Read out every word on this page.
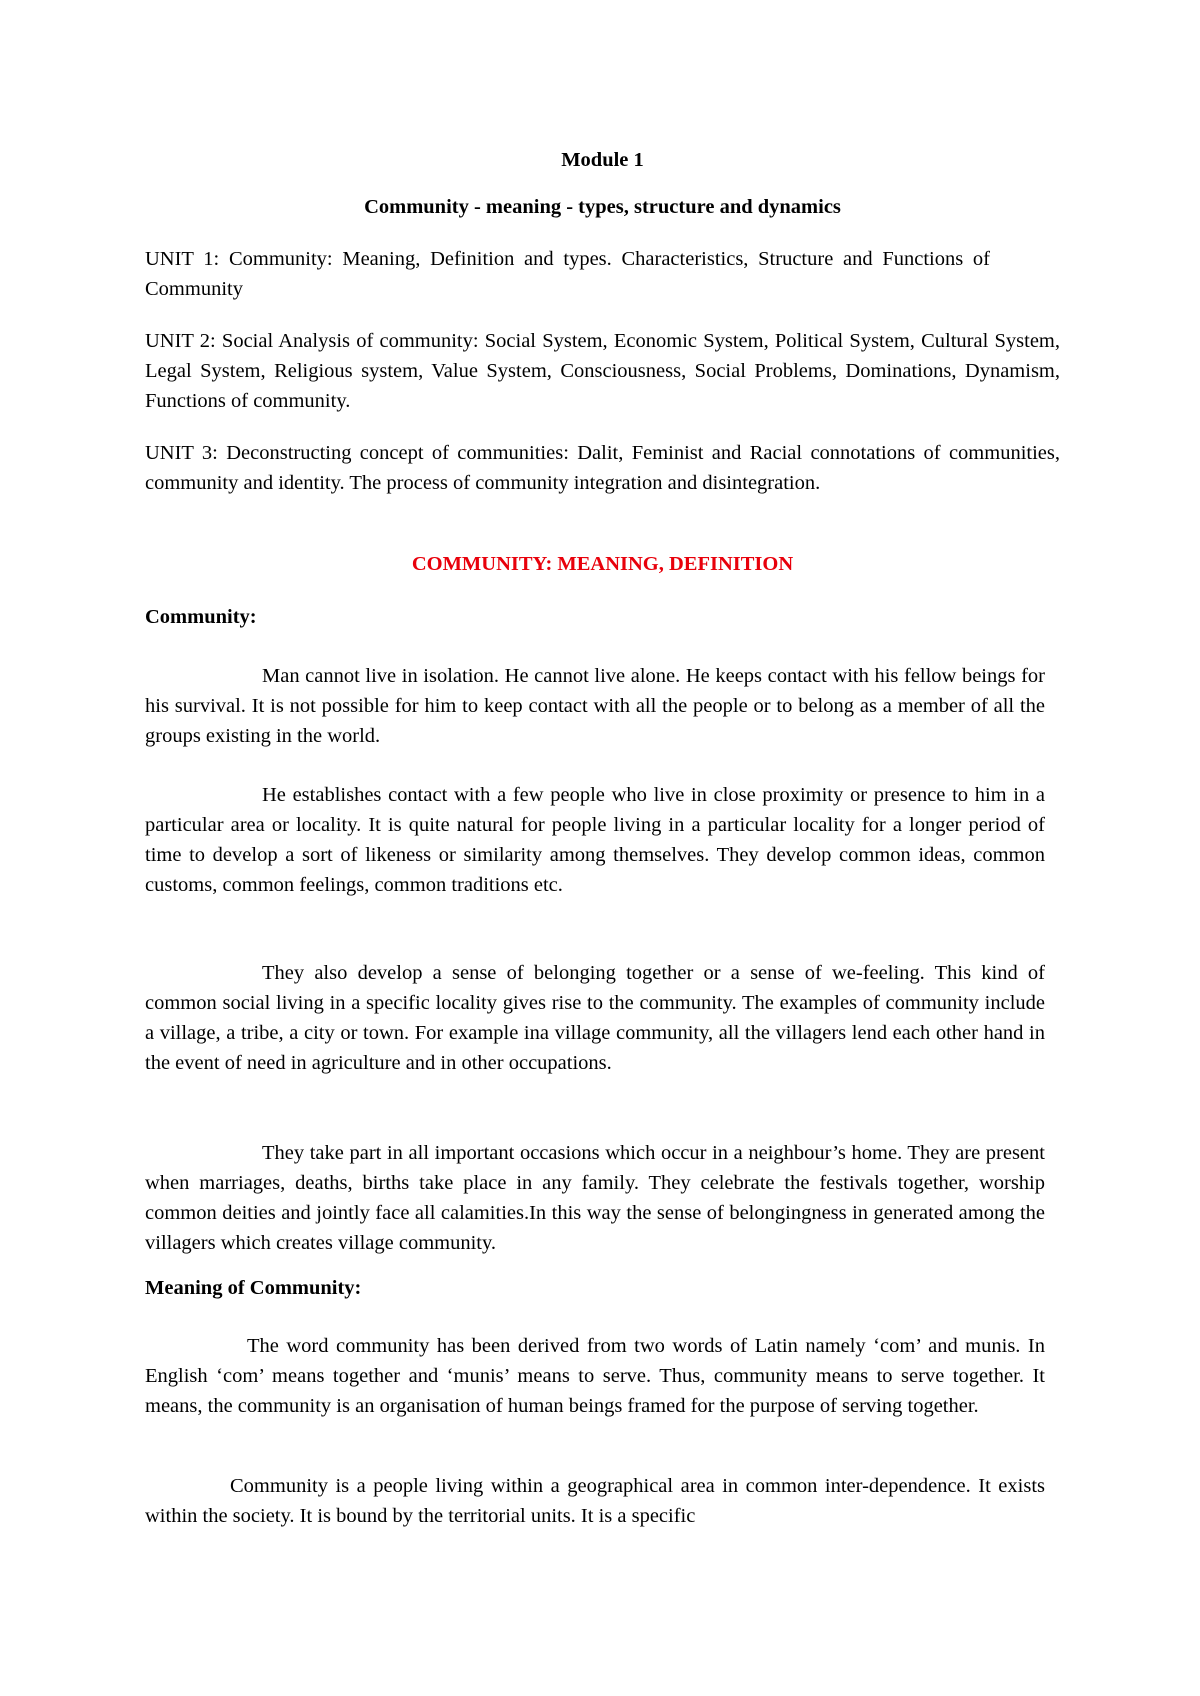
Module 1
Community - meaning - types, structure and dynamics

UNIT 1: Community: Meaning, Definition and types. Characteristics, Structure and Functions of Community

UNIT 2: Social Analysis of community: Social System, Economic System, Political System, Cultural System, Legal System, Religious system, Value System, Consciousness, Social Problems, Dominations, Dynamism, Functions of community.

UNIT 3: Deconstructing concept of communities: Dalit, Feminist and Racial connotations of communities, community and identity. The process of community integration and disintegration.

COMMUNITY: MEANING, DEFINITION
Community:

Man cannot live in isolation. He cannot live alone. He keeps contact with his fellow beings for his survival. It is not possible for him to keep contact with all the people or to belong as a member of all the groups existing in the world.

He establishes contact with a few people who live in close proximity or presence to him in a particular area or locality. It is quite natural for people living in a particular locality for a longer period of time to develop a sort of likeness or similarity among themselves. They develop common ideas, common customs, common feelings, common traditions etc.

They also develop a sense of belonging together or a sense of we-feeling. This kind of common social living in a specific locality gives rise to the community. The examples of community include a village, a tribe, a city or town. For example ina village community, all the villagers lend each other hand in the event of need in agriculture and in other occupations.

They take part in all important occasions which occur in a neighbour’s home. They are present when marriages, deaths, births take place in any family. They celebrate the festivals together, worship common deities and jointly face all calamities.In this way the sense of belongingness in generated among the villagers which creates village community.

Meaning of Community:

The word community has been derived from two words of Latin namely ‘com’ and munis. In English ‘com’ means together and ‘munis’ means to serve. Thus, community means to serve together. It means, the community is an organisation of human beings framed for the purpose of serving together.

Community is a people living within a geographical area in common inter-dependence. It exists within the society. It is bound by the territorial units. It is a specific
